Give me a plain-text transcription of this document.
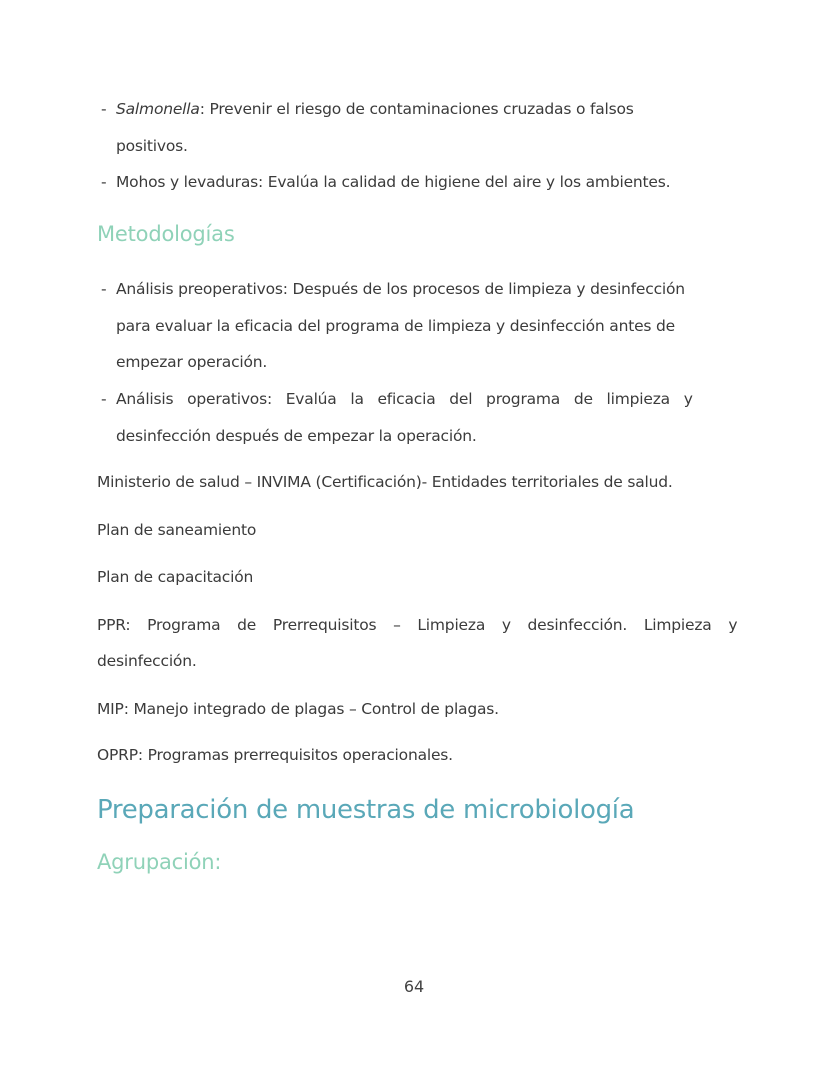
- Salmonella: Prevenir el riesgo de contaminaciones cruzadas o falsos
positivos.
- Mohos y levaduras: Evalúa la calidad de higiene del aire y los ambientes.
Metodologías
- Análisis preoperativos: Después de los procesos de limpieza y desinfección
para evaluar la eficacia del programa de limpieza y desinfección antes de
empezar operación.
- Análisis operativos: Evalúa la eficacia del programa de limpieza y
desinfección después de empezar la operación.
Ministerio de salud – INVIMA (Certificación)- Entidades territoriales de salud.
Plan de saneamiento
Plan de capacitación
PPR: Programa de Prerrequisitos – Limpieza y desinfección. Limpieza y
desinfección.
MIP: Manejo integrado de plagas – Control de plagas.
OPRP: Programas prerrequisitos operacionales.
Preparación de muestras de microbiología
Agrupación:
64
